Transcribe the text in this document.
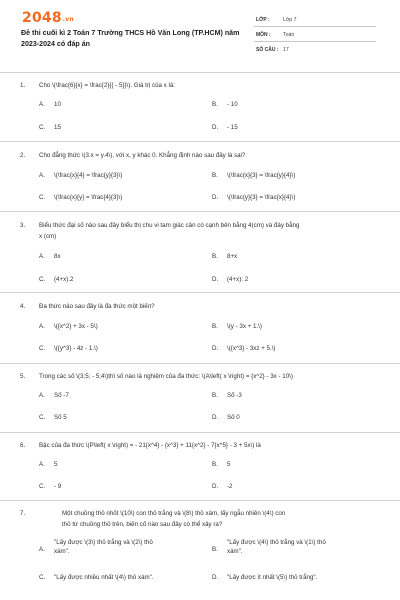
2048.vn
Đề thi cuối kì 2 Toán 7 Trường THCS Hồ Văn Long (TP.HCM) năm 2023-2024 có đáp án
LỚP :	Lớp 7
MÔN : Toán
SỐ CÂU : 17
1. Cho \(\frac{6}{x} = \frac{2}{{ - 5}}\). Giá trị của x là:
A. 10	B. - 10
C. 15	D. - 15
2. Cho đẳng thức \(3.x = y.4\), với x, y khác 0. Khẳng định nào sau đây là sai?
A. \(\frac{x}{4} = \frac{y}{3}\)	B. \(\frac{x}{3} = \frac{y}{4}\)
C. \(\frac{x}{y} = \frac{4}{3}\)	D. \(\frac{y}{3} = \frac{x}{4}\)
3. Biểu thức đại số nào sau đây biểu thị chu vi tam giác cân có cạnh bên bằng 4(cm) và đáy bằng
x (cm)
A. 8x	B. 8+x
C. (4+x).2	D. (4+x): 2
4. Đa thức nào sau đây là đa thức một biến?
A. \({x^2} + 3x - 5\)	B. \(y - 3x + 1.\)
C. \({y^3} - 4z - 1.\)	D. \({x^3} - 3xz + 5.\)
5. Trong các số \(3;5; - 5;4\)thì số nào là nghiệm của đa thức: \(A\left( x \right) = {x^2} - 3x - 10\)
A. Số -7	B. Số -3
C. Số 5	D. Số 0
6. Bậc của đa thức \(P\left( x \right) = - 21{x^4} - {x^3} + 11{x^2} - 7{x^5} - 3 + 5x\) là
A. 5	B. 5
C. - 9	D. -2
7.	Một chuồng thỏ nhốt \(10\) con thỏ trắng và \(8\) thỏ xám, lấy ngẫu nhiên \(4\) con
thỏ từ chuồng thỏ trên, biến cố nào sau đây có thể xảy ra?
A.
"Lấy được \(3\) thỏ trắng và \(2\) thỏ
xám".	B.
"Lấy được \(4\) thỏ trắng và \(1\) thỏ
xám".
C. "Lấy được nhiều nhất \(4\) thỏ xám".	D. "Lấy được ít nhất \(5\) thỏ trắng".
